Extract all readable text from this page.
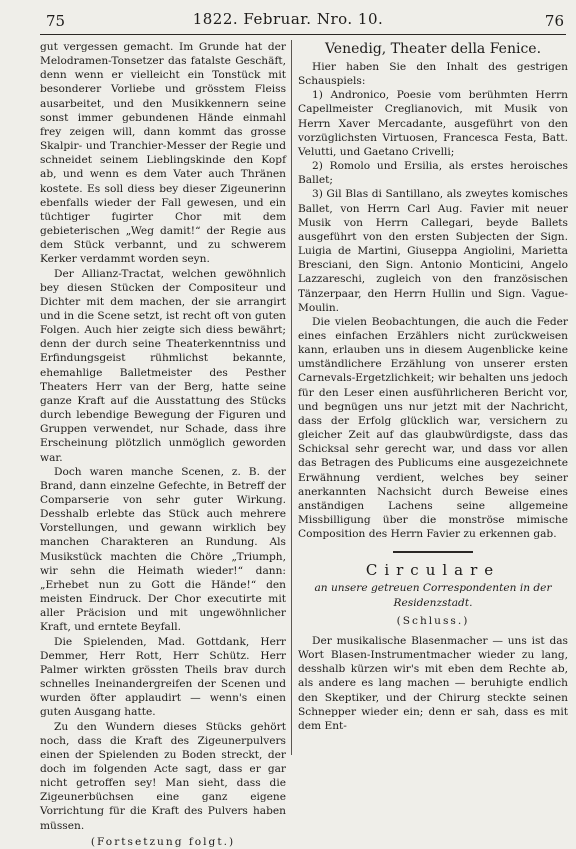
75	1822. Februar. Nro. 10.	76

gut vergessen gemacht. Im Grunde hat der Melodramen-Tonsetzer das fatalste Geschäft, denn wenn er vielleicht ein Tonstück mit besonderer Vorliebe und grösstem Fleiss ausarbeitet, und den Musikkennern seine sonst immer gebundenen Hände einmahl frey zeigen will, dann kommt das grosse Skalpir- und Tranchier-Messer der Regie und schneidet seinem Lieblingskinde den Kopf ab, und wenn es dem Vater auch Thränen kostete. Es soll diess bey dieser Zigeunerinn ebenfalls wieder der Fall gewesen, und ein tüchtiger fugirter Chor mit dem gebieterischen „Weg damit!“ der Regie aus dem Stück verbannt, und zu schwerem Kerker verdammt worden seyn.

Der Allianz-Tractat, welchen gewöhnlich bey diesen Stücken der Compositeur und Dichter mit dem machen, der sie arrangirt und in die Scene setzt, ist recht oft von guten Folgen. Auch hier zeigte sich diess bewährt; denn der durch seine Theaterkenntniss und Erfindungsgeist rühmlichst bekannte, ehemahlige Balletmeister des Pesther Theaters Herr van der Berg, hatte seine ganze Kraft auf die Ausstattung des Stücks durch lebendige Bewegung der Figuren und Gruppen verwendet, nur Schade, dass ihre Erscheinung plötzlich unmöglich geworden war.

Doch waren manche Scenen, z. B. der Brand, dann einzelne Gefechte, in Betreff der Comparserie von sehr guter Wirkung. Desshalb erlebte das Stück auch mehrere Vorstellungen, und gewann wirklich bey manchen Charakteren an Rundung. Als Musikstück machten die Chöre „Triumph, wir sehn die Heimath wieder!“ dann: „Erhebet nun zu Gott die Hände!“ den meisten Eindruck. Der Chor executirte mit aller Präcision und mit ungewöhnlicher Kraft, und erntete Beyfall.

Die Spielenden, Mad. Gottdank, Herr Demmer, Herr Rott, Herr Schütz. Herr Palmer wirkten grössten Theils brav durch schnelles Ineinandergreifen der Scenen und wurden öfter applaudirt — wenn's einen guten Ausgang hatte.

Zu den Wundern dieses Stücks gehört noch, dass die Kraft des Zigeunerpulvers einen der Spielenden zu Boden streckt, der doch im folgenden Acte sagt, dass er gar nicht getroffen sey! Man sieht, dass die Zigeunerbüchsen eine ganz eigene Vorrichtung für die Kraft des Pulvers haben müssen.

(Fortsetzung folgt.)

Venedig, Theater della Fenice.

Hier haben Sie den Inhalt des gestrigen Schauspiels:

1) Andronico, Poesie vom berühmten Herrn Capellmeister Creglianovich, mit Musik von Herrn Xaver Mercadante, ausgeführt von den vorzüglichsten Virtuosen, Francesca Festa, Batt. Velutti, und Gaetano Crivelli;

2) Romolo und Ersilia, als erstes heroisches Ballet;

3) Gil Blas di Santillano, als zweytes komisches Ballet, von Herrn Carl Aug. Favier mit neuer Musik von Herrn Callegari, beyde Ballets ausgeführt von den ersten Subjecten der Sign. Luigia de Martini, Giuseppa Angiolini, Marietta Bresciani, den Sign. Antonio Monticini, Angelo Lazzareschi, zugleich von den französischen Tänzerpaar, den Herrn Hullin und Sign. Vague-Moulin.

Die vielen Beobachtungen, die auch die Feder eines einfachen Erzählers nicht zurückweisen kann, erlauben uns in diesem Augenblicke keine umständlichere Erzählung von unserer ersten Carnevals-Ergetzlichkeit; wir behalten uns jedoch für den Leser einen ausführlicheren Bericht vor, und begnügen uns nur jetzt mit der Nachricht, dass der Erfolg glücklich war, versichern zu gleicher Zeit auf das glaubwürdigste, dass das Schicksal sehr gerecht war, und dass vor allen das Betragen des Publicums eine ausgezeichnete Erwähnung verdient, welches bey seiner anerkannten Nachsicht durch Beweise eines anständigen Lachens seine allgemeine Missbilligung über die monströse mimische Composition des Herrn Favier zu erkennen gab.

Circulare

an unsere getreuen Correspondenten in der Residenzstadt.

(Schluss.)

Der musikalische Blasenmacher — uns ist das Wort Blasen-Instrumentmacher wieder zu lang, desshalb kürzen wir's mit eben dem Rechte ab, als andere es lang machen — beruhigte endlich den Skeptiker, und der Chirurg steckte seinen Schnepper wieder ein; denn er sah, dass es mit dem Ent-
